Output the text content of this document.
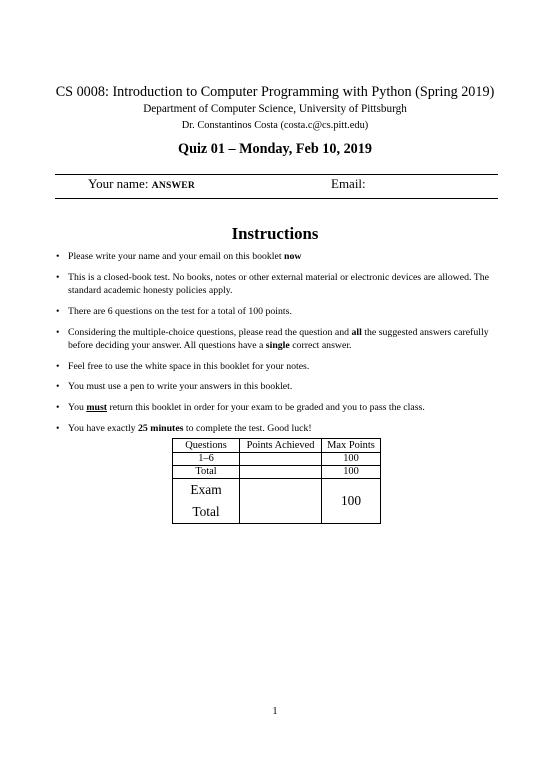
CS 0008: Introduction to Computer Programming with Python (Spring 2019)
Department of Computer Science, University of Pittsburgh
Dr. Constantinos Costa (costa.c@cs.pitt.edu)
Quiz 01 – Monday, Feb 10, 2019
Your name: ANSWER	Email:
Instructions
• Please write your name and your email on this booklet now
• This is a closed-book test. No books, notes or other external material or electronic devices are allowed. The standard academic honesty policies apply.
• There are 6 questions on the test for a total of 100 points.
• Considering the multiple-choice questions, please read the question and all the suggested answers carefully before deciding your answer. All questions have a single correct answer.
• Feel free to use the white space in this booklet for your notes.
• You must use a pen to write your answers in this booklet.
• You must return this booklet in order for your exam to be graded and you to pass the class.
• You have exactly 25 minutes to complete the test. Good luck!
Questions	Points Achieved	Max Points
1–6		100
Total		100
Exam Total		100
1
